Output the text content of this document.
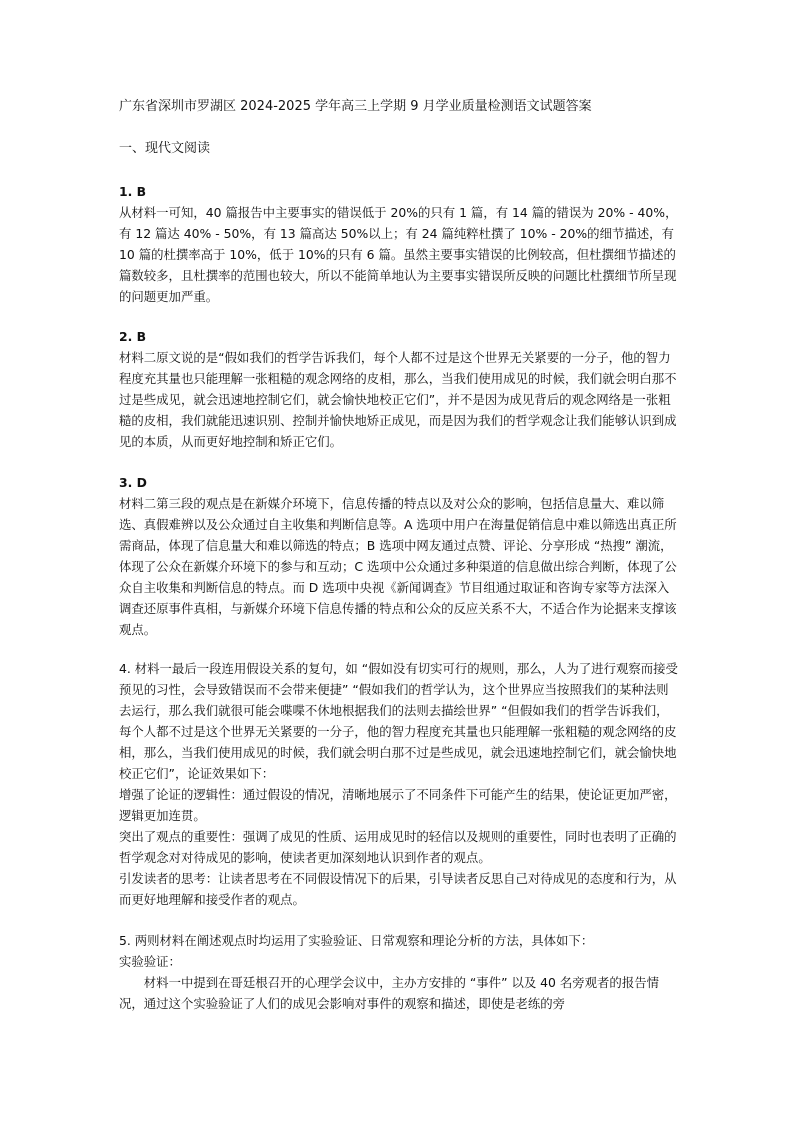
广东省深圳市罗湖区 2024-2025 学年高三上学期 9 月学业质量检测语文试题答案
一、现代文阅读
1. B

从材料一可知，40 篇报告中主要事实的错误低于 20%的只有 1 篇，有 14 篇的错误为 20% - 40%，有 12 篇达 40% - 50%，有 13 篇高达 50%以上；有 24 篇纯粹杜撰了 10% - 20%的细节描述，有 10 篇的杜撰率高于 10%，低于 10%的只有 6 篇。虽然主要事实错误的比例较高，但杜撰细节描述的篇数较多，且杜撰率的范围也较大，所以不能简单地认为主要事实错误所反映的问题比杜撰细节所呈现的问题更加严重。

2. B

材料二原文说的是“假如我们的哲学告诉我们，每个人都不过是这个世界无关紧要的一分子，他的智力程度充其量也只能理解一张粗糙的观念网络的皮相，那么，当我们使用成见的时候，我们就会明白那不过是些成见，就会迅速地控制它们，就会愉快地校正它们”，并不是因为成见背后的观念网络是一张粗糙的皮相，我们就能迅速识别、控制并愉快地矫正成见，而是因为我们的哲学观念让我们能够认识到成见的本质，从而更好地控制和矫正它们。

3. D

材料二第三段的观点是在新媒介环境下，信息传播的特点以及对公众的影响，包括信息量大、难以筛选、真假难辨以及公众通过自主收集和判断信息等。A 选项中用户在海量促销信息中难以筛选出真正所需商品，体现了信息量大和难以筛选的特点；B 选项中网友通过点赞、评论、分享形成 “热搜” 潮流，体现了公众在新媒介环境下的参与和互动；C 选项中公众通过多种渠道的信息做出综合判断，体现了公众自主收集和判断信息的特点。而 D 选项中央视《新闻调查》节目组通过取证和咨询专家等方法深入调查还原事件真相，与新媒介环境下信息传播的特点和公众的反应关系不大，不适合作为论据来支撑该观点。

4. 材料一最后一段连用假设关系的复句，如 “假如没有切实可行的规则，那么，人为了进行观察而接受预见的习性，会导致错误而不会带来便捷” “假如我们的哲学认为，这个世界应当按照我们的某种法则去运行，那么我们就很可能会喋喋不休地根据我们的法则去描绘世界” “但假如我们的哲学告诉我们，每个人都不过是这个世界无关紧要的一分子，他的智力程度充其量也只能理解一张粗糙的观念网络的皮相，那么，当我们使用成见的时候，我们就会明白那不过是些成见，就会迅速地控制它们，就会愉快地校正它们”，论证效果如下：

增强了论证的逻辑性：通过假设的情况，清晰地展示了不同条件下可能产生的结果，使论证更加严密，逻辑更加连贯。

突出了观点的重要性：强调了成见的性质、运用成见时的轻信以及规则的重要性，同时也表明了正确的哲学观念对对待成见的影响，使读者更加深刻地认识到作者的观点。

引发读者的思考：让读者思考在不同假设情况下的后果，引导读者反思自己对待成见的态度和行为，从而更好地理解和接受作者的观点。

5. 两则材料在阐述观点时均运用了实验验证、日常观察和理论分析的方法，具体如下：

实验验证：

材料一中提到在哥廷根召开的心理学会议中，主办方安排的 “事件” 以及 40 名旁观者的报告情况，通过这个实验验证了人们的成见会影响对事件的观察和描述，即使是老练的旁
